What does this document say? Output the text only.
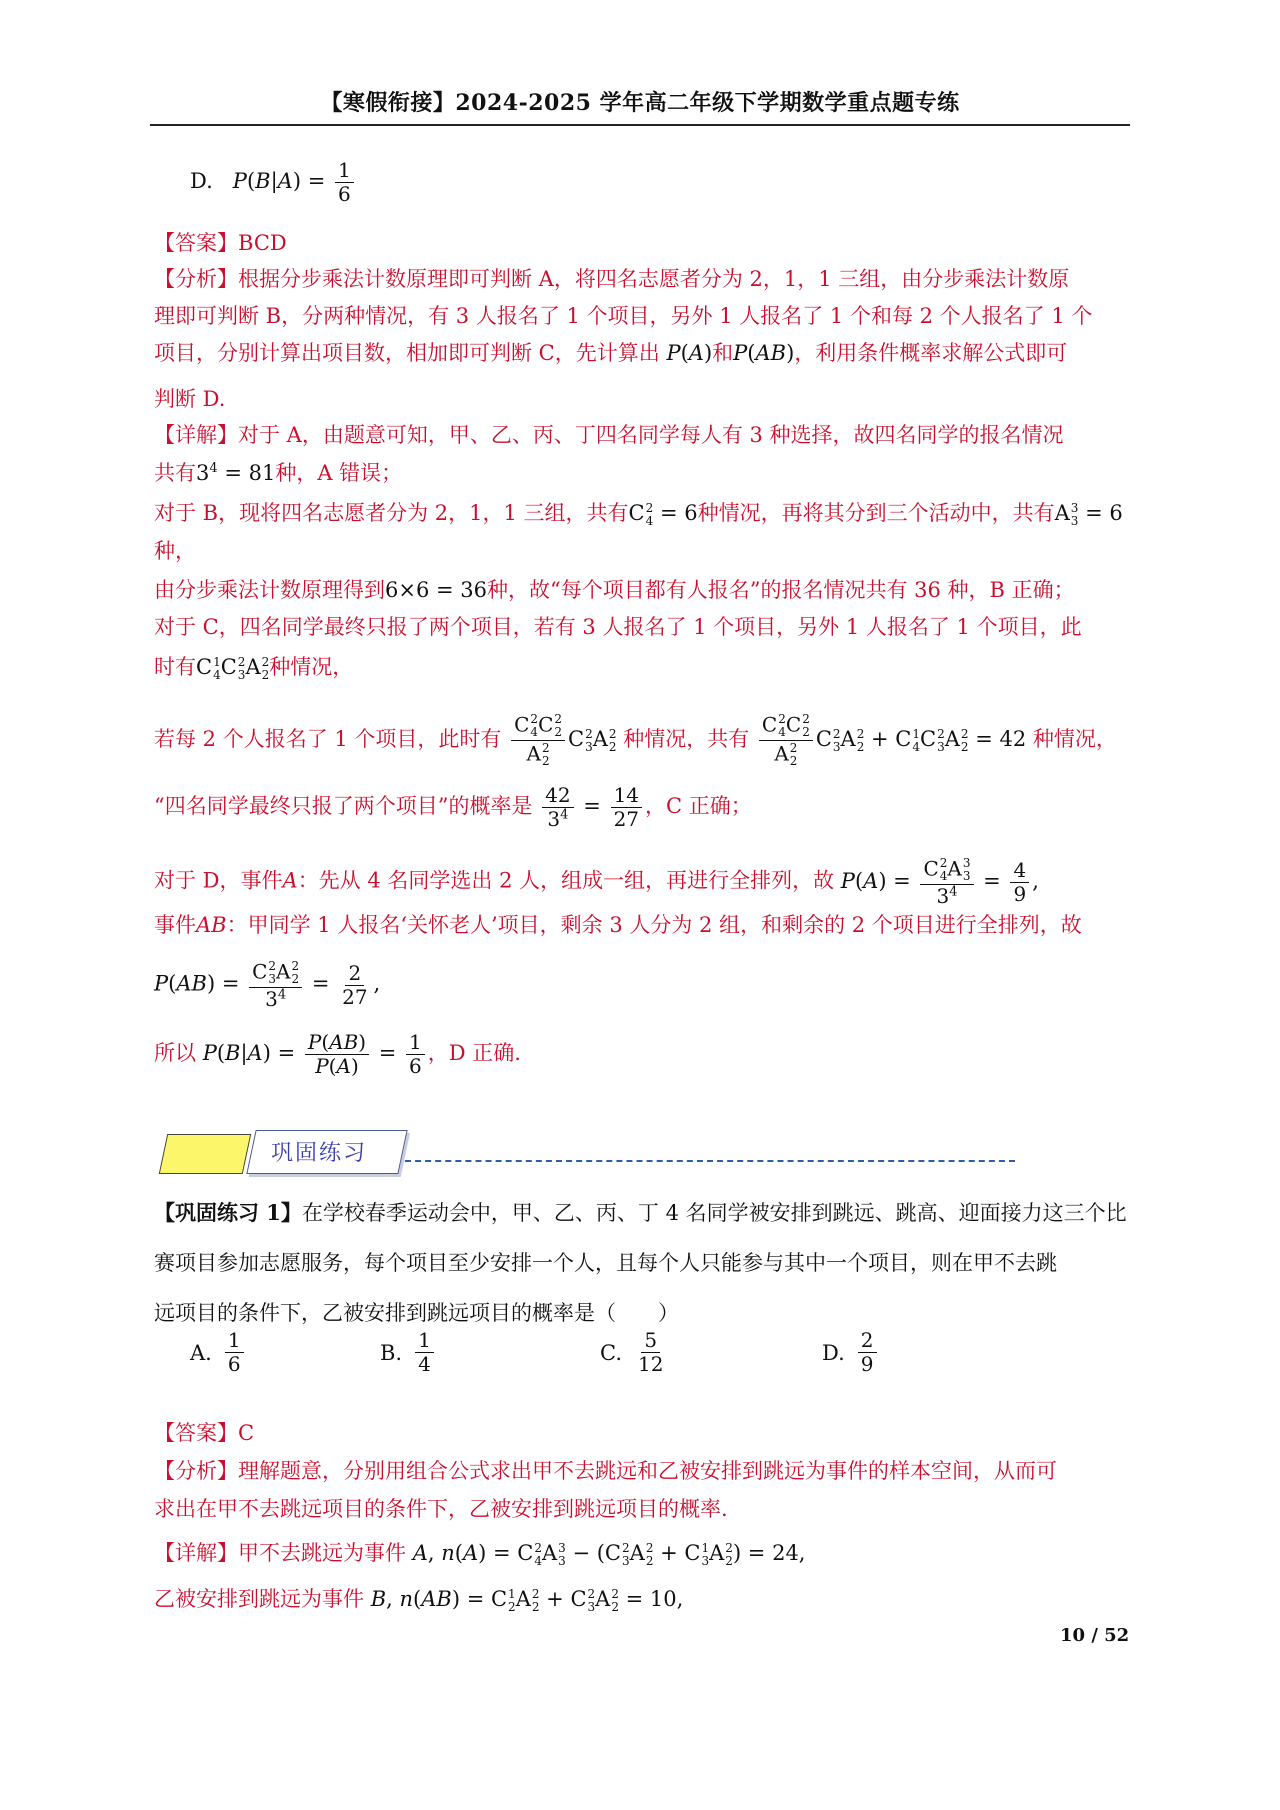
【寒假衔接】2024-2025 学年高二年级下学期数学重点题专练
D. $P(B|A) = \frac{1}{6}$
【答案】BCD
【分析】根据分步乘法计数原理即可判断 A，将四名志愿者分为 2，1，1 三组，由分步乘法计数原
理即可判断 B，分两种情况，有 3 人报名了 1 个项目，另外 1 人报名了 1 个和每 2 个人报名了 1 个
项目，分别计算出项目数，相加即可判断 C，先计算出 P(A)和P(AB)，利用条件概率求解公式即可
判断 D.
【详解】对于 A，由题意可知，甲、乙、丙、丁四名同学每人有 3 种选择，故四名同学的报名情况
共有$3^4 = 81$种，A 错误；
对于 B，现将四名志愿者分为 2，1，1 三组，共有C 2
4 = 6种情况，再将其分到三个活动中，共有A 3
3 = 6
种，
由分步乘法计数原理得到6×6 = 36种，故“每个项目都有人报名”的报名情况共有 36 种，B 正确；
对于 C，四名同学最终只报了两个项目，若有 3 人报名了 1 个项目，另外 1 人报名了 1 个项目，此
时有C 1
4 C 2
3 A 2
2 种情况，
若每 2 个人报名了 1 个项目，此时有 C 2
4 C 2
2
A 2
2 C 2
3 A 2
2 种情况，共有 C 2
4 C 2
2
A 2
2 C 2
3 A 2
2 + C 1
4 C 2
3 A 2
2 = 42 种情况，
“四名同学最终只报了两个项目”的概率是 $\frac{42}{3^4} = \frac{14}{27}$ ，C 正确；
对于 D，事件A：先从 4 名同学选出 2 人，组成一组，再进行全排列，故 P(A) = C 2
4 A 3
3
$3^4 = \frac{4}{9}$ ,
事件AB：甲同学 1 人报名‘关怀老人’项目，剩余 3 人分为 2 组，和剩余的 2 个项目进行全排列，故
P(AB) = C 2
3 A 2
2
$3^4 = \frac{2}{27}$ ,
所以 $P(B|A) = \frac{P(AB)}{P(A)} = \frac{1}{6}$ ，D 正确.
巩固练习
【巩固练习 1】在学校春季运动会中，甲、乙、丙、丁 4 名同学被安排到跳远、跳高、迎面接力这三个比
赛项目参加志愿服务，每个项目至少安排一个人，且每个人只能参与其中一个项目，则在甲不去跳
远项目的条件下，乙被安排到跳远项目的概率是（　　）
A. $\frac{1}{6}$	B. $\frac{1}{4}$	C. $\frac{5}{12}$	D. $\frac{2}{9}$
【答案】C
【分析】理解题意，分别用组合公式求出甲不去跳远和乙被安排到跳远为事件的样本空间，从而可
求出在甲不去跳远项目的条件下，乙被安排到跳远项目的概率.
【详解】甲不去跳远为事件 A, n(A) = C 2
4 A 3
3 − (C 2
3 A 2
2 + C 1
3 A 2
2 ) = 24,
乙被安排到跳远为事件 B, n(AB) = C 1
2 A 2
2 + C 2
3 A 2
2 = 10,
10 / 52
